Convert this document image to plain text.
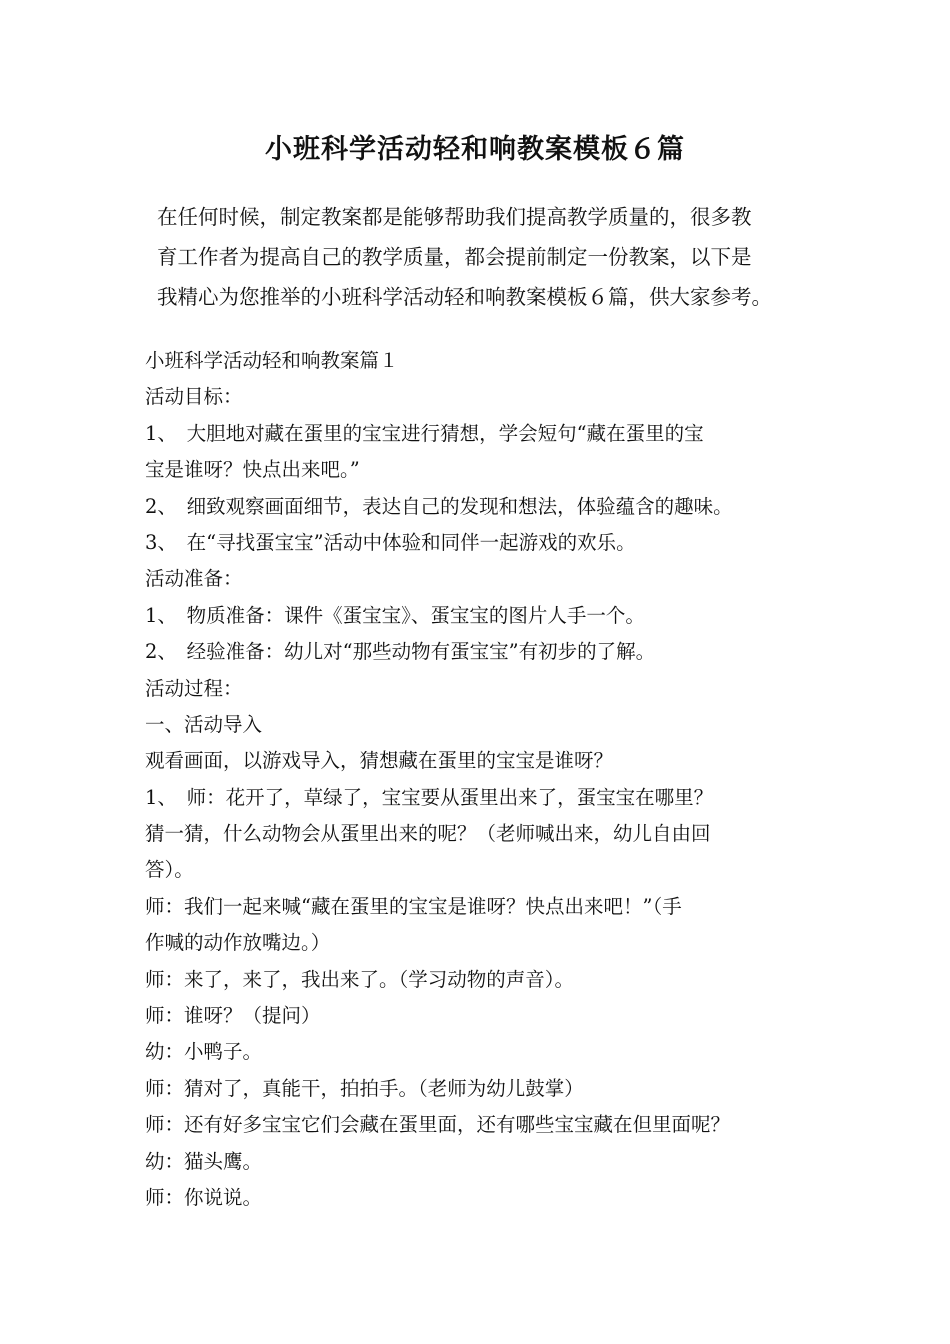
小班科学活动轻和响教案模板６篇
在任何时候，制定教案都是能够帮助我们提高教学质量的，很多教
育工作者为提高自己的教学质量，都会提前制定一份教案，以下是
我精心为您推举的小班科学活动轻和响教案模板６篇，供大家参考。
小班科学活动轻和响教案篇１
活动目标：
1、　大胆地对藏在蛋里的宝宝进行猜想，学会短句“藏在蛋里的宝
宝是谁呀？快点出来吧。”
2、　细致观察画面细节，表达自己的发现和想法，体验蕴含的趣味。
3、　在“寻找蛋宝宝”活动中体验和同伴一起游戏的欢乐。
活动准备：
1、　物质准备：课件《蛋宝宝》、蛋宝宝的图片人手一个。
2、　经验准备：幼儿对“那些动物有蛋宝宝”有初步的了解。
活动过程：
一、活动导入
观看画面，以游戏导入，猜想藏在蛋里的宝宝是谁呀？
1、　师：花开了，草绿了，宝宝要从蛋里出来了，蛋宝宝在哪里？
猜一猜，什么动物会从蛋里出来的呢？（老师喊出来，幼儿自由回
答）。
师：我们一起来喊“藏在蛋里的宝宝是谁呀？快点出来吧！”（手
作喊的动作放嘴边。）
师：来了，来了，我出来了。（学习动物的声音）。
师：谁呀？（提问）
幼：小鸭子。
师：猜对了，真能干，拍拍手。（老师为幼儿鼓掌）
师：还有好多宝宝它们会藏在蛋里面，还有哪些宝宝藏在但里面呢？
幼：猫头鹰。
师：你说说。
